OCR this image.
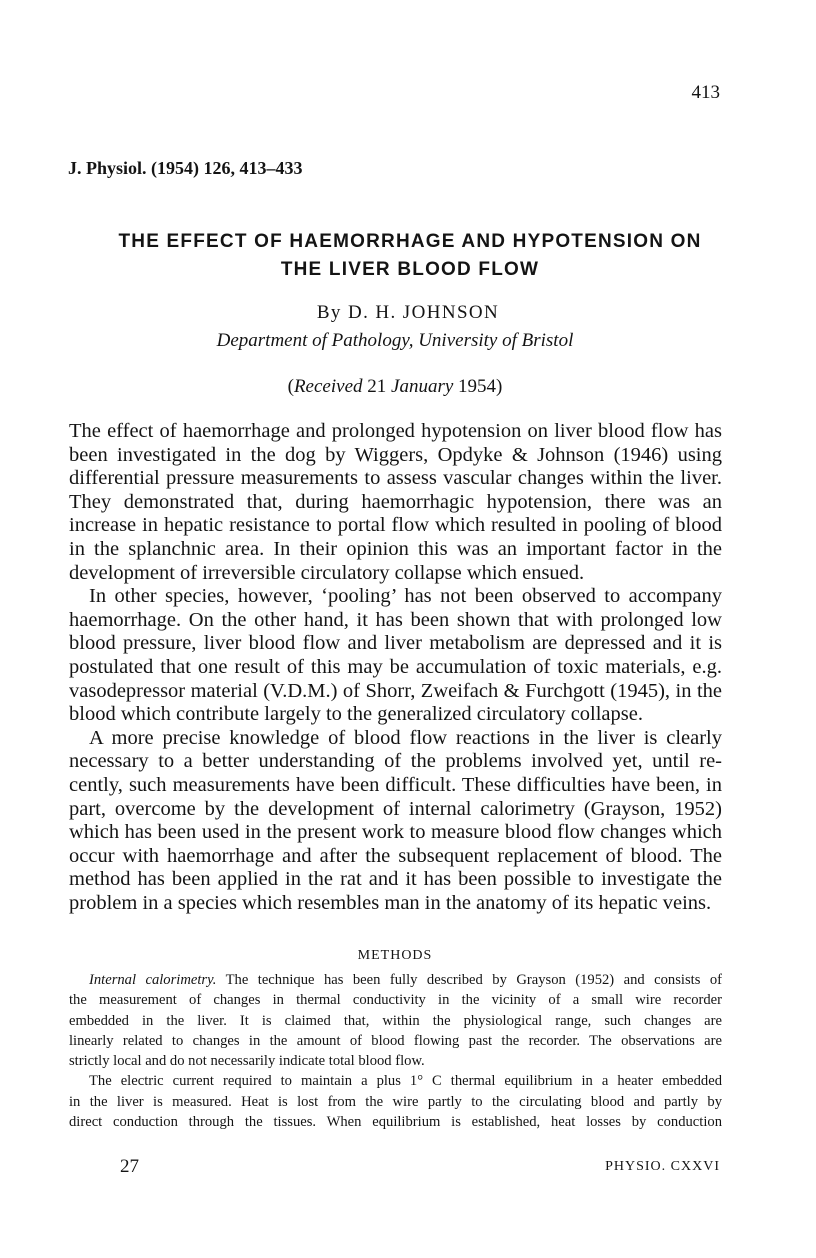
413
J. Physiol. (1954) 126, 413–433
THE EFFECT OF HAEMORRHAGE AND HYPOTENSION ON
THE LIVER BLOOD FLOW
By D. H. JOHNSON
Department of Pathology, University of Bristol
(Received 21 January 1954)
The effect of haemorrhage and prolonged hypotension on liver blood flow has
been investigated in the dog by Wiggers, Opdyke & Johnson (1946) using
differential pressure measurements to assess vascular changes within the liver.
They demonstrated that, during haemorrhagic hypotension, there was an
increase in hepatic resistance to portal flow which resulted in pooling of blood
in the splanchnic area. In their opinion this was an important factor in the
development of irreversible circulatory collapse which ensued.
In other species, however, ‘pooling’ has not been observed to accompany
haemorrhage. On the other hand, it has been shown that with prolonged low
blood pressure, liver blood flow and liver metabolism are depressed and it is
postulated that one result of this may be accumulation of toxic materials, e.g.
vasodepressor material (V.D.M.) of Shorr, Zweifach & Furchgott (1945), in the
blood which contribute largely to the generalized circulatory collapse.
A more precise knowledge of blood flow reactions in the liver is clearly
necessary to a better understanding of the problems involved yet, until re-
cently, such measurements have been difficult. These difficulties have been, in
part, overcome by the development of internal calorimetry (Grayson, 1952)
which has been used in the present work to measure blood flow changes which
occur with haemorrhage and after the subsequent replacement of blood. The
method has been applied in the rat and it has been possible to investigate the
problem in a species which resembles man in the anatomy of its hepatic veins.
METHODS
Internal calorimetry. The technique has been fully described by Grayson (1952) and consists of
the measurement of changes in thermal conductivity in the vicinity of a small wire recorder
embedded in the liver. It is claimed that, within the physiological range, such changes are
linearly related to changes in the amount of blood flowing past the recorder. The observations are
strictly local and do not necessarily indicate total blood flow.
The electric current required to maintain a plus 1° C thermal equilibrium in a heater embedded
in the liver is measured. Heat is lost from the wire partly to the circulating blood and partly by
direct conduction through the tissues. When equilibrium is established, heat losses by conduction
27	PHYSIO. CXXVI
